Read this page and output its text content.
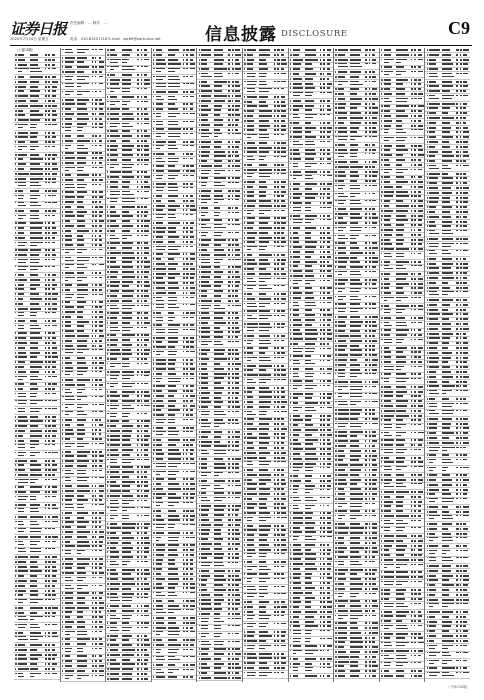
证券日报 责任编辑：… 制作：…
2020年7月24日 星期五	电话：010-83251716 E-mail：zqrb9@zqrb.sina.net	信息披露 DISCLOSURE	C9
（上接C8版）
（下转C10版）
